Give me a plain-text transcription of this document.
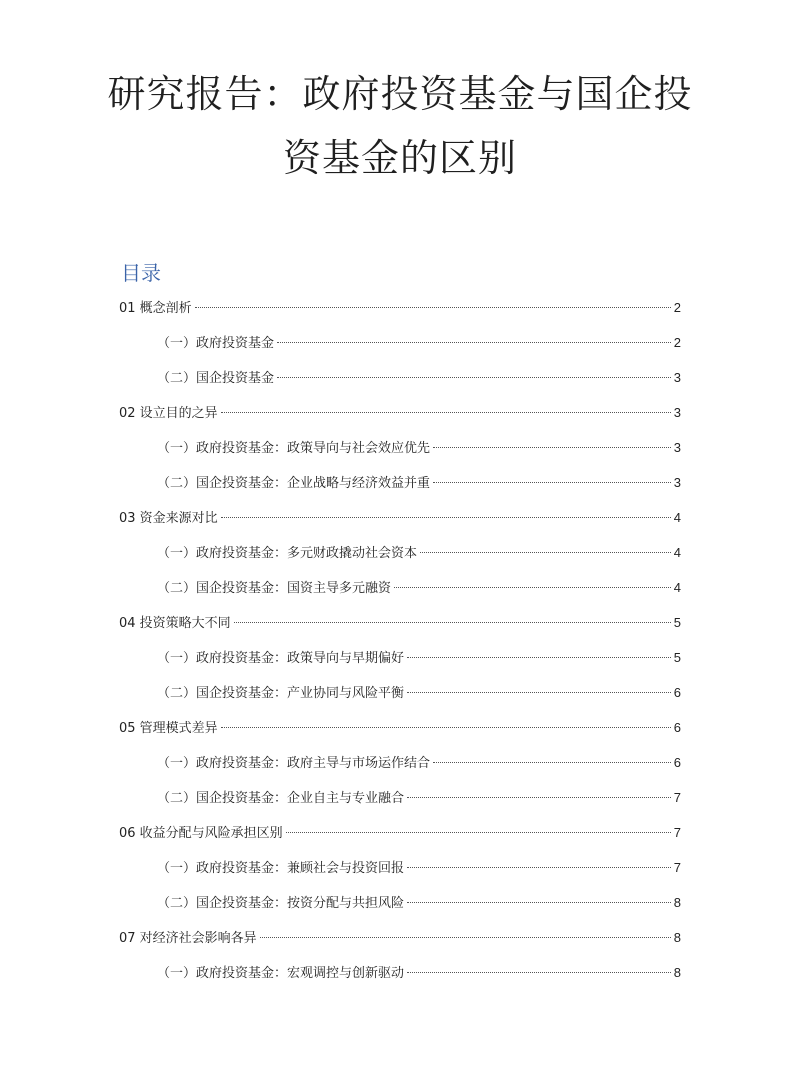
研究报告：政府投资基金与国企投
资基金的区别
目录
01 概念剖析	2
（一）政府投资基金	2
（二）国企投资基金	3
02 设立目的之异	3
（一）政府投资基金：政策导向与社会效应优先	3
（二）国企投资基金：企业战略与经济效益并重	3
03 资金来源对比	4
（一）政府投资基金：多元财政撬动社会资本	4
（二）国企投资基金：国资主导多元融资	4
04 投资策略大不同	5
（一）政府投资基金：政策导向与早期偏好	5
（二）国企投资基金：产业协同与风险平衡	6
05 管理模式差异	6
（一）政府投资基金：政府主导与市场运作结合	6
（二）国企投资基金：企业自主与专业融合	7
06 收益分配与风险承担区别	7
（一）政府投资基金：兼顾社会与投资回报	7
（二）国企投资基金：按资分配与共担风险	8
07 对经济社会影响各异	8
（一）政府投资基金：宏观调控与创新驱动	8
